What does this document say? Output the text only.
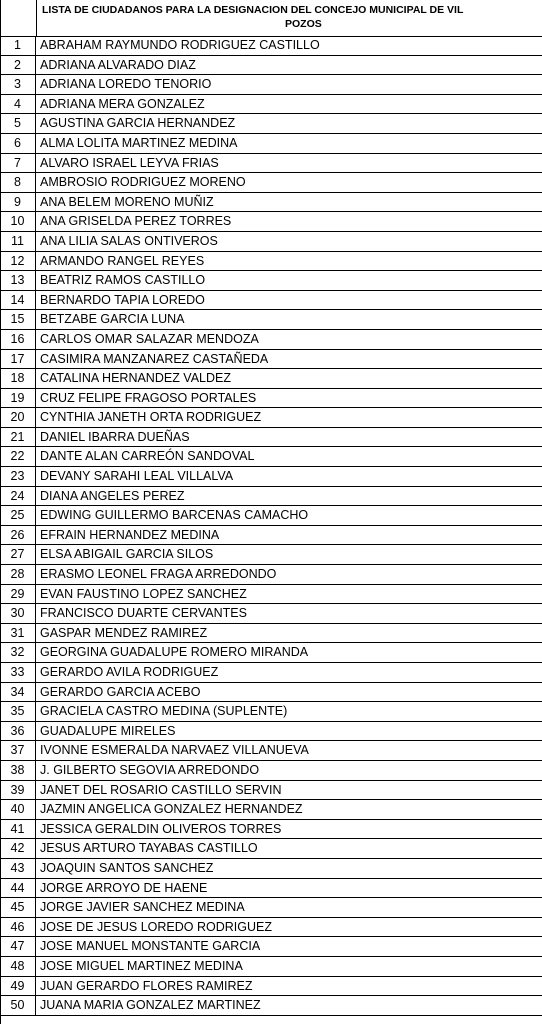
LISTA DE CIUDADANOS PARA LA DESIGNACION DEL CONCEJO MUNICIPAL DE VIL
POZOS
1	ABRAHAM RAYMUNDO RODRIGUEZ CASTILLO
2	ADRIANA ALVARADO DIAZ
3	ADRIANA LOREDO TENORIO
4	ADRIANA MERA GONZALEZ
5	AGUSTINA GARCIA HERNANDEZ
6	ALMA LOLITA MARTINEZ MEDINA
7	ALVARO ISRAEL LEYVA FRIAS
8	AMBROSIO RODRIGUEZ MORENO
9	ANA BELEM MORENO MUÑIZ
10	ANA GRISELDA PEREZ TORRES
11	ANA LILIA SALAS ONTIVEROS
12	ARMANDO RANGEL REYES
13	BEATRIZ RAMOS CASTILLO
14	BERNARDO TAPIA LOREDO
15	BETZABE GARCIA LUNA
16	CARLOS OMAR SALAZAR MENDOZA
17	CASIMIRA MANZANAREZ CASTAÑEDA
18	CATALINA HERNANDEZ VALDEZ
19	CRUZ FELIPE FRAGOSO PORTALES
20	CYNTHIA JANETH ORTA RODRIGUEZ
21	DANIEL IBARRA DUEÑAS
22	DANTE ALAN CARREÓN SANDOVAL
23	DEVANY SARAHI LEAL VILLALVA
24	DIANA ANGELES PEREZ
25	EDWING GUILLERMO BARCENAS CAMACHO
26	EFRAIN HERNANDEZ MEDINA
27	ELSA ABIGAIL GARCIA SILOS
28	ERASMO LEONEL FRAGA ARREDONDO
29	EVAN FAUSTINO LOPEZ SANCHEZ
30	FRANCISCO DUARTE CERVANTES
31	GASPAR MENDEZ RAMIREZ
32	GEORGINA GUADALUPE ROMERO MIRANDA
33	GERARDO AVILA RODRIGUEZ
34	GERARDO GARCIA ACEBO
35	GRACIELA CASTRO MEDINA (SUPLENTE)
36	GUADALUPE MIRELES
37	IVONNE ESMERALDA NARVAEZ VILLANUEVA
38	J. GILBERTO SEGOVIA ARREDONDO
39	JANET DEL ROSARIO CASTILLO SERVIN
40	JAZMIN ANGELICA GONZALEZ HERNANDEZ
41	JESSICA GERALDIN OLIVEROS TORRES
42	JESUS ARTURO TAYABAS CASTILLO
43	JOAQUIN SANTOS SANCHEZ
44	JORGE ARROYO DE HAENE
45	JORGE JAVIER SANCHEZ MEDINA
46	JOSE DE JESUS LOREDO RODRIGUEZ
47	JOSE MANUEL MONSTANTE GARCIA
48	JOSE MIGUEL MARTINEZ MEDINA
49	JUAN GERARDO FLORES RAMIREZ
50	JUANA MARIA GONZALEZ MARTINEZ
